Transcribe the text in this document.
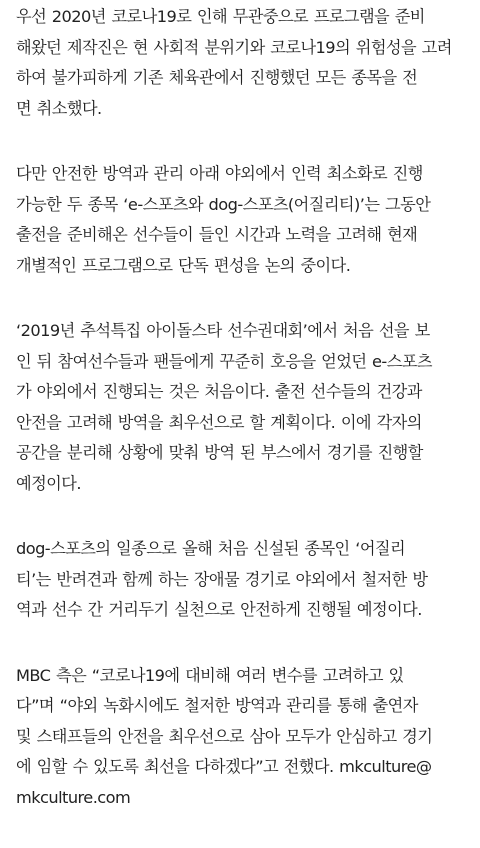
우선 2020년 코로나19로 인해 무관중으로 프로그램을 준비
해왔던 제작진은 현 사회적 분위기와 코로나19의 위험성을 고려
하여 불가피하게 기존 체육관에서 진행했던 모든 종목을 전
면 취소했다.

다만 안전한 방역과 관리 아래 야외에서 인력 최소화로 진행
가능한 두 종목 ‘e-스포츠와 dog-스포츠(어질리티)’는 그동안
출전을 준비해온 선수들이 들인 시간과 노력을 고려해 현재
개별적인 프로그램으로 단독 편성을 논의 중이다.

‘2019년 추석특집 아이돌스타 선수권대회’에서 처음 선을 보
인 뒤 참여선수들과 팬들에게 꾸준히 호응을 얻었던 e-스포츠
가 야외에서 진행되는 것은 처음이다. 출전 선수들의 건강과
안전을 고려해 방역을 최우선으로 할 계획이다. 이에 각자의
공간을 분리해 상황에 맞춰 방역 된 부스에서 경기를 진행할
예정이다.

dog-스포츠의 일종으로 올해 처음 신설된 종목인 ‘어질리
티’는 반려견과 함께 하는 장애물 경기로 야외에서 철저한 방
역과 선수 간 거리두기 실천으로 안전하게 진행될 예정이다.

MBC 측은 “코로나19에 대비해 여러 변수를 고려하고 있
다”며 “야외 녹화시에도 철저한 방역과 관리를 통해 출연자
및 스태프들의 안전을 최우선으로 삼아 모두가 안심하고 경기
에 임할 수 있도록 최선을 다하겠다”고 전했다. mkculture@
mkculture.com
